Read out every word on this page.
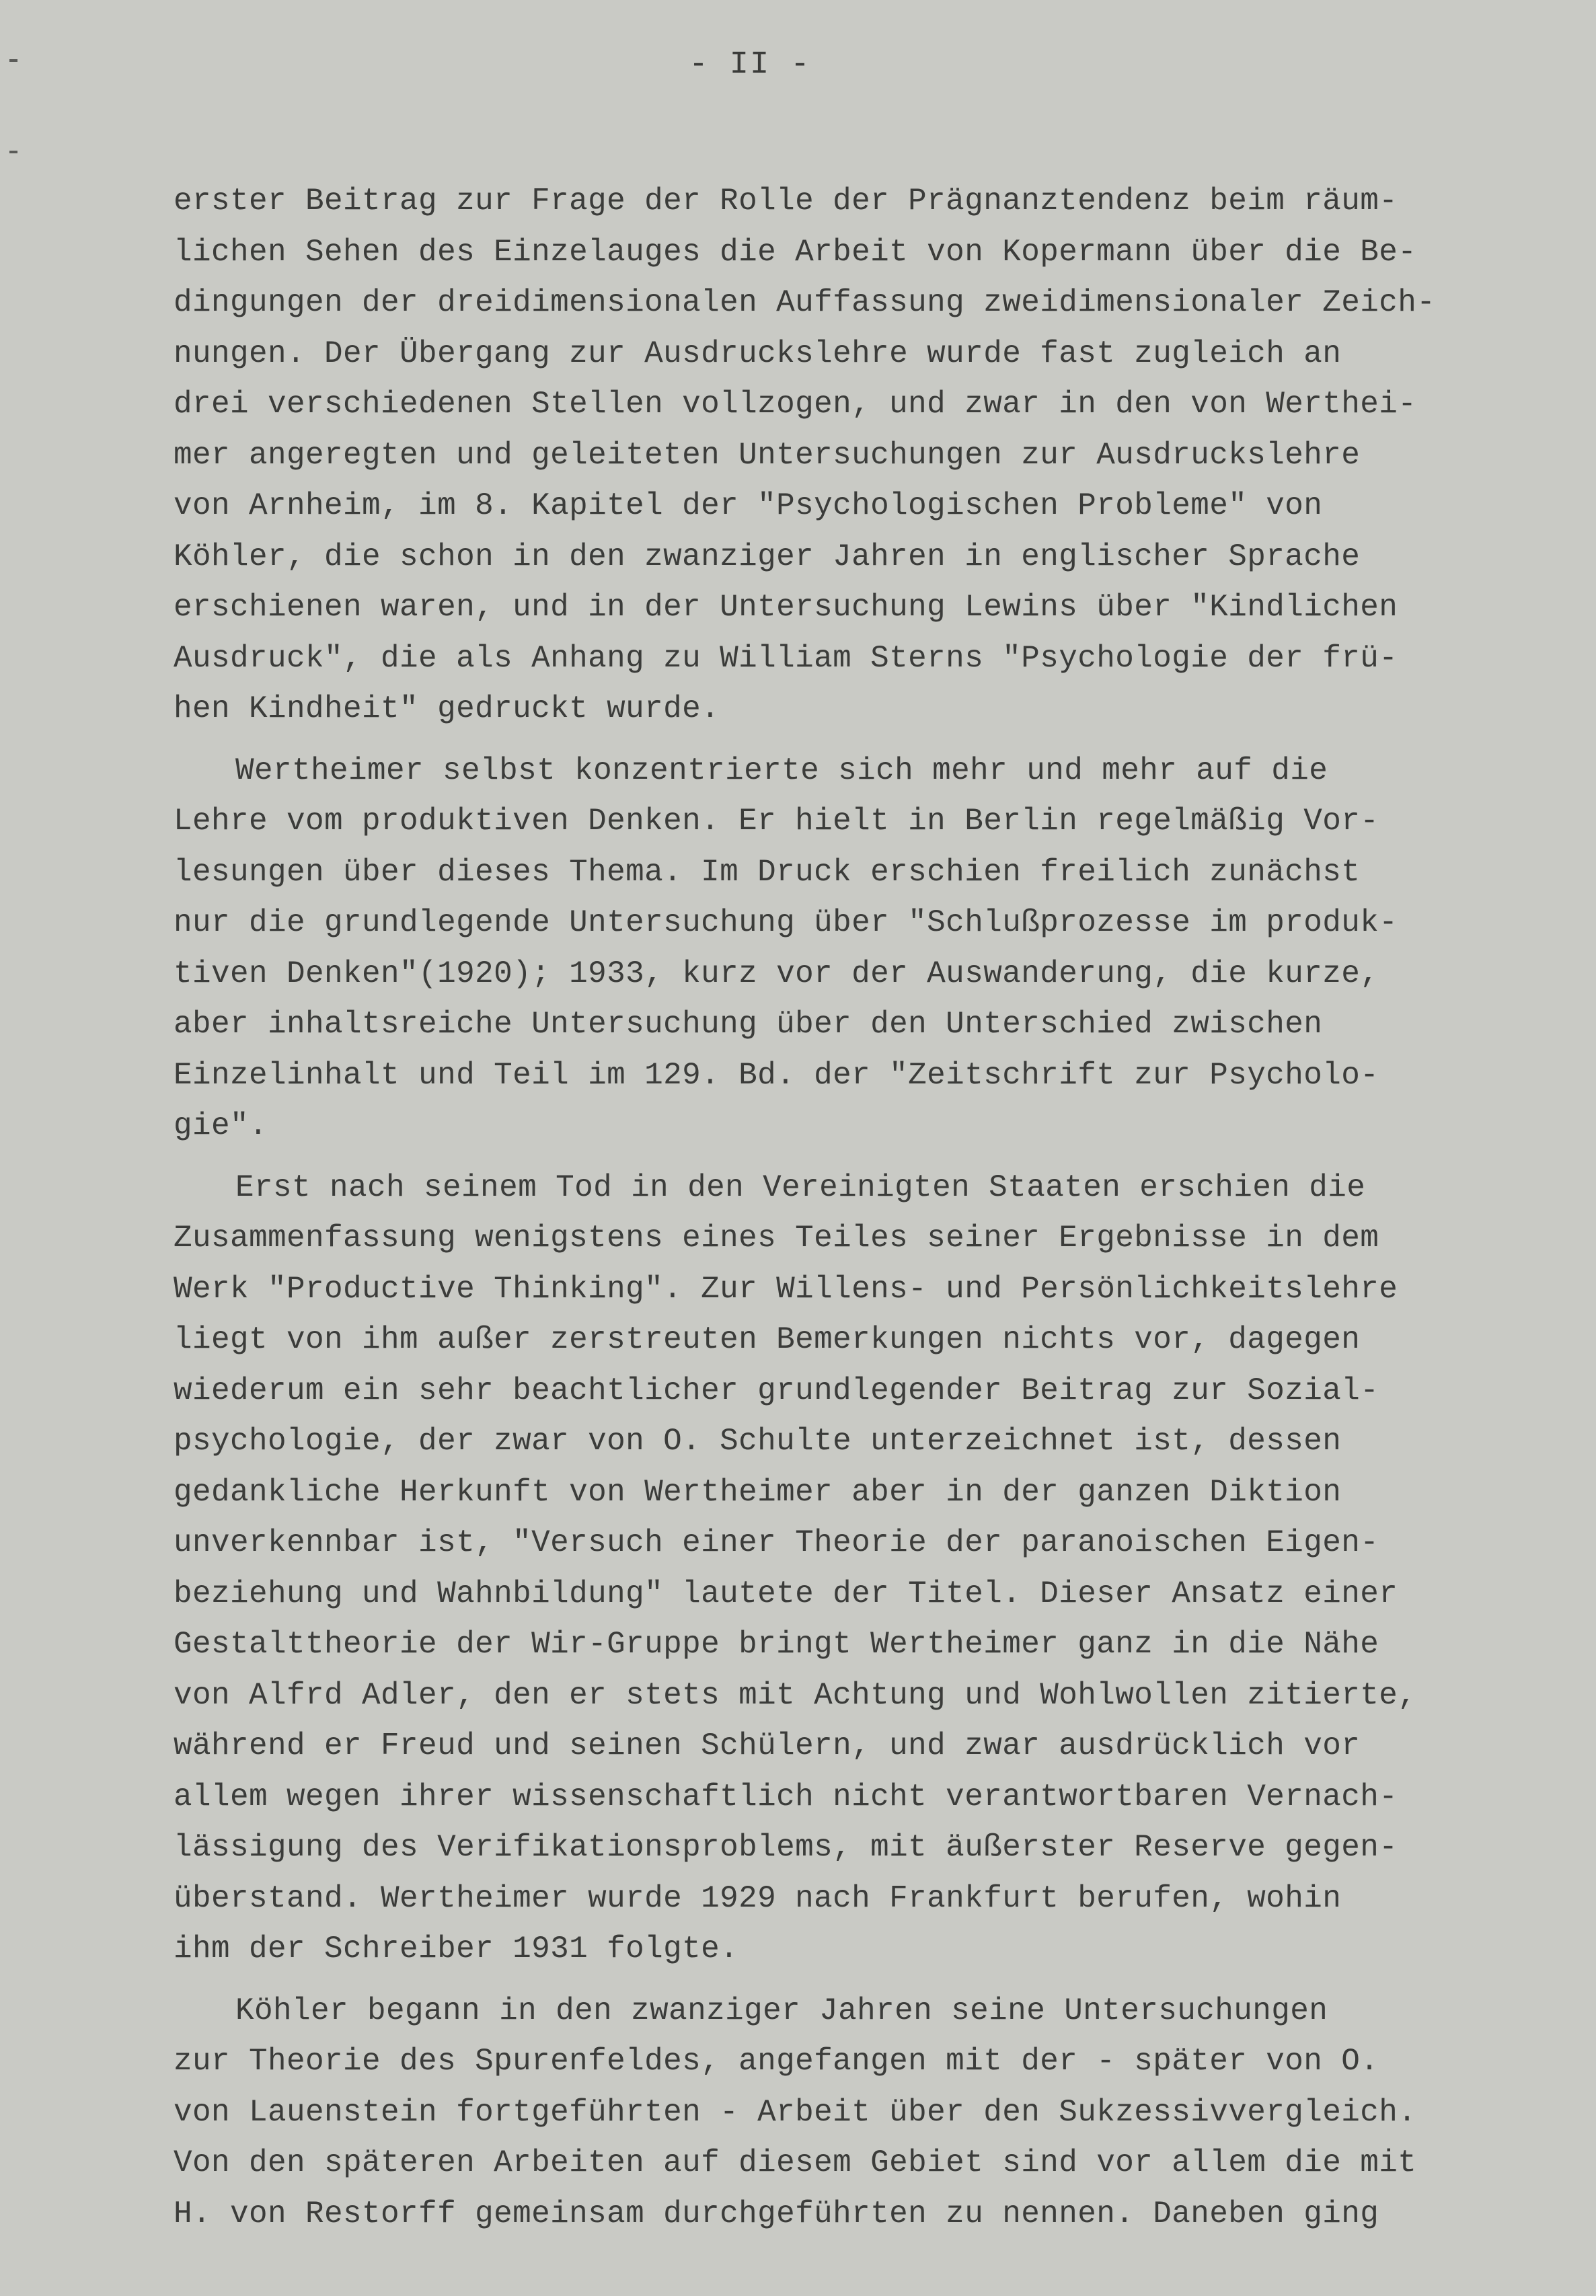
- II -
erster Beitrag zur Frage der Rolle der Prägnanztendenz beim räum-
lichen Sehen des Einzelauges die Arbeit von Kopermann über die Be-
dingungen der dreidimensionalen Auffassung zweidimensionaler Zeich-
nungen. Der Übergang zur Ausdruckslehre wurde fast zugleich an
drei verschiedenen Stellen vollzogen, und zwar in den von Werthei-
mer angeregten und geleiteten Untersuchungen zur Ausdruckslehre
von Arnheim, im 8. Kapitel der "Psychologischen Probleme" von
Köhler, die schon in den zwanziger Jahren in englischer Sprache
erschienen waren, und in der Untersuchung Lewins über "Kindlichen
Ausdruck", die als Anhang zu William Sterns "Psychologie der frü-
hen Kindheit" gedruckt wurde.
Wertheimer selbst konzentrierte sich mehr und mehr auf die
Lehre vom produktiven Denken. Er hielt in Berlin regelmäßig Vor-
lesungen über dieses Thema. Im Druck erschien freilich zunächst
nur die grundlegende Untersuchung über "Schlußprozesse im produk-
tiven Denken"(1920); 1933, kurz vor der Auswanderung, die kurze,
aber inhaltsreiche Untersuchung über den Unterschied zwischen
Einzelinhalt und Teil im 129. Bd. der "Zeitschrift zur Psycholo-
gie".
Erst nach seinem Tod in den Vereinigten Staaten erschien die
Zusammenfassung wenigstens eines Teiles seiner Ergebnisse in dem
Werk "Productive Thinking". Zur Willens- und Persönlichkeitslehre
liegt von ihm außer zerstreuten Bemerkungen nichts vor, dagegen
wiederum ein sehr beachtlicher grundlegender Beitrag zur Sozial-
psychologie, der zwar von O. Schulte unterzeichnet ist, dessen
gedankliche Herkunft von Wertheimer aber in der ganzen Diktion
unverkennbar ist, "Versuch einer Theorie der paranoischen Eigen-
beziehung und Wahnbildung" lautete der Titel. Dieser Ansatz einer
Gestalttheorie der Wir-Gruppe bringt Wertheimer ganz in die Nähe
von Alfrd Adler, den er stets mit Achtung und Wohlwollen zitierte,
während er Freud und seinen Schülern, und zwar ausdrücklich vor
allem wegen ihrer wissenschaftlich nicht verantwortbaren Vernach-
lässigung des Verifikationsproblems, mit äußerster Reserve gegen-
überstand. Wertheimer wurde 1929 nach Frankfurt berufen, wohin
ihm der Schreiber 1931 folgte.
Köhler begann in den zwanziger Jahren seine Untersuchungen
zur Theorie des Spurenfeldes, angefangen mit der - später von O.
von Lauenstein fortgeführten - Arbeit über den Sukzessivvergleich.
Von den späteren Arbeiten auf diesem Gebiet sind vor allem die mit
H. von Restorff gemeinsam durchgeführten zu nennen. Daneben ging
